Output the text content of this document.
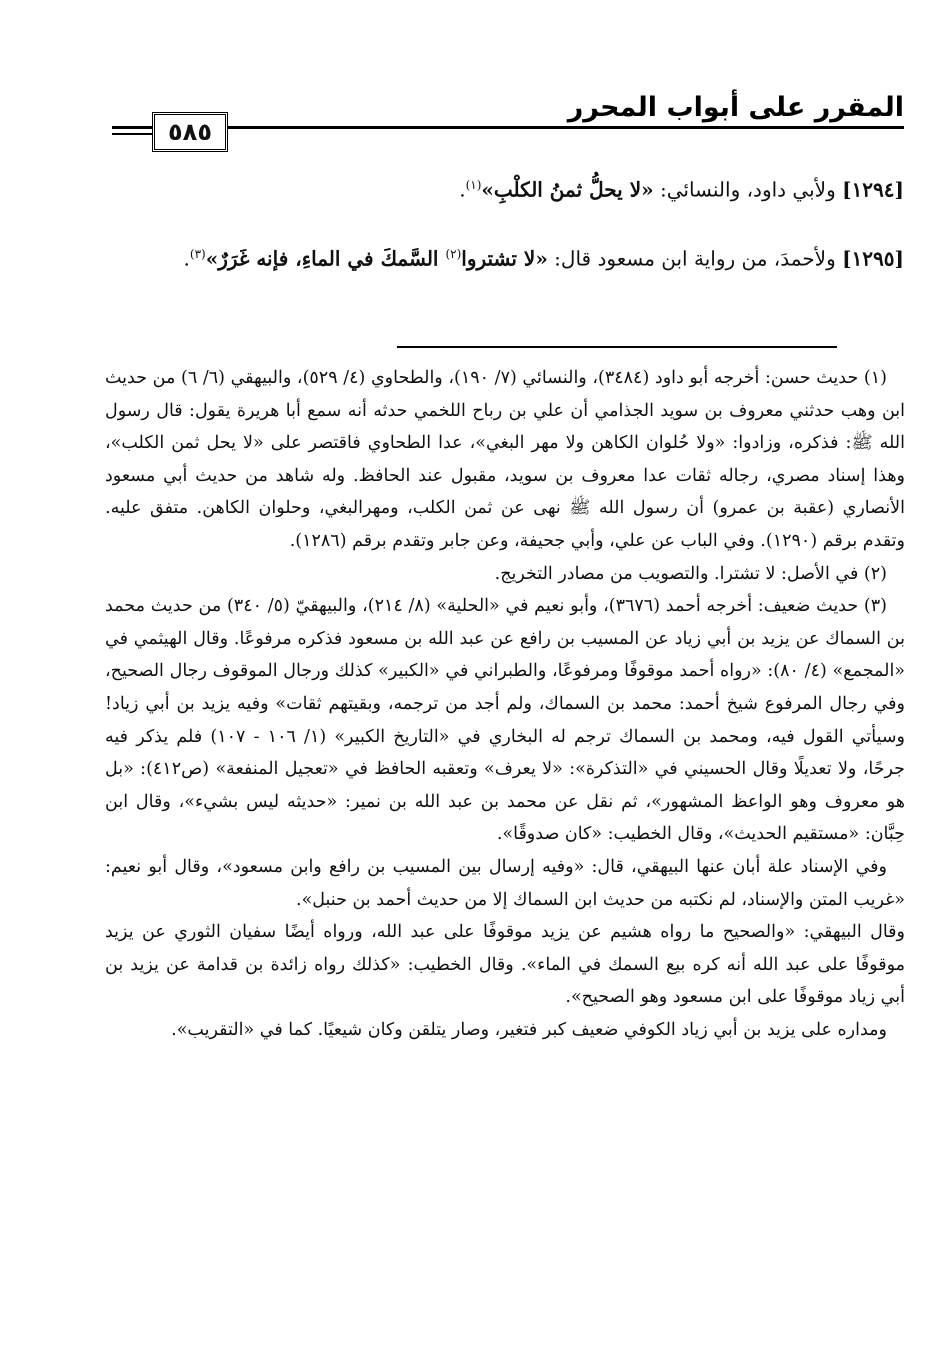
المقرر على أبواب المحرر
٥٨٥
[١٢٩٤] ولأبي داود، والنسائي: «لا يحلُّ ثمنُ الكلْبِ»$^{(١)}$.
[١٢٩٥] ولأحمدَ، من رواية ابن مسعود قال: «لا تشتروا$^{(٢)}$ السَّمكَ في الماءِ، فإنه غَرَرٌ»$^{(٣)}$.

(١) حديث حسن: أخرجه أبو داود (٣٤٨٤)، والنسائي (٧/ ١٩٠)، والطحاوي (٤/ ٥٢٩)، والبيهقي (٦/ ٦) من حديث ابن وهب حدثني معروف بن سويد الجذامي أن علي بن رباح اللخمي حدثه أنه سمع أبا هريرة يقول: قال رسول الله ﷺ: فذكره، وزادوا: «ولا حُلوان الكاهن ولا مهر البغي»، عدا الطحاوي فاقتصر على «لا يحل ثمن الكلب»، وهذا إسناد مصري، رجاله ثقات عدا معروف بن سويد، مقبول عند الحافظ. وله شاهد من حديث أبي مسعود الأنصاري (عقبة بن عمرو) أن رسول الله ﷺ نهى عن ثمن الكلب، ومهرالبغي، وحلوان الكاهن. متفق عليه. وتقدم برقم (١٢٩٠). وفي الباب عن علي، وأبي جحيفة، وعن جابر وتقدم برقم (١٢٨٦).

(٢) في الأصل: لا تشترا. والتصويب من مصادر التخريج.

(٣) حديث ضعيف: أخرجه أحمد (٣٦٧٦)، وأبو نعيم في «الحلية» (٨/ ٢١٤)، والبيهقيّ (٥/ ٣٤٠) من حديث محمد بن السماك عن يزيد بن أبي زياد عن المسيب بن رافع عن عبد الله بن مسعود فذكره مرفوعًا. وقال الهيثمي في «المجمع» (٤/ ٨٠): «رواه أحمد موقوفًا ومرفوعًا، والطبراني في «الكبير» كذلك ورجال الموقوف رجال الصحيح، وفي رجال المرفوع شيخ أحمد: محمد بن السماك، ولم أجد من ترجمه، وبقيتهم ثقات» وفيه يزيد بن أبي زياد! وسيأتي القول فيه، ومحمد بن السماك ترجم له البخاري في «التاريخ الكبير» (١/ ١٠٦ - ١٠٧) فلم يذكر فيه جرحًا، ولا تعديلًا وقال الحسيني في «التذكرة»: «لا يعرف» وتعقبه الحافظ في «تعجيل المنفعة» (ص٤١٢): «بل هو معروف وهو الواعظ المشهور»، ثم نقل عن محمد بن عبد الله بن نمير: «حديثه ليس بشيء»، وقال ابن حِبَّان: «مستقيم الحديث»، وقال الخطيب: «كان صدوقًا».

وفي الإسناد علة أبان عنها البيهقي، قال: «وفيه إرسال بين المسيب بن رافع وابن مسعود»، وقال أبو نعيم: «غريب المتن والإسناد، لم نكتبه من حديث ابن السماك إلا من حديث أحمد بن حنبل».

وقال البيهقي: «والصحيح ما رواه هشيم عن يزيد موقوفًا على عبد الله، ورواه أيضًا سفيان الثوري عن يزيد موقوفًا على عبد الله أنه كره بيع السمك في الماء». وقال الخطيب: «كذلك رواه زائدة بن قدامة عن يزيد بن أبي زياد موقوفًا على ابن مسعود وهو الصحيح».

ومداره على يزيد بن أبي زياد الكوفي ضعيف كبر فتغير، وصار يتلقن وكان شيعيًا. كما في «التقريب».
